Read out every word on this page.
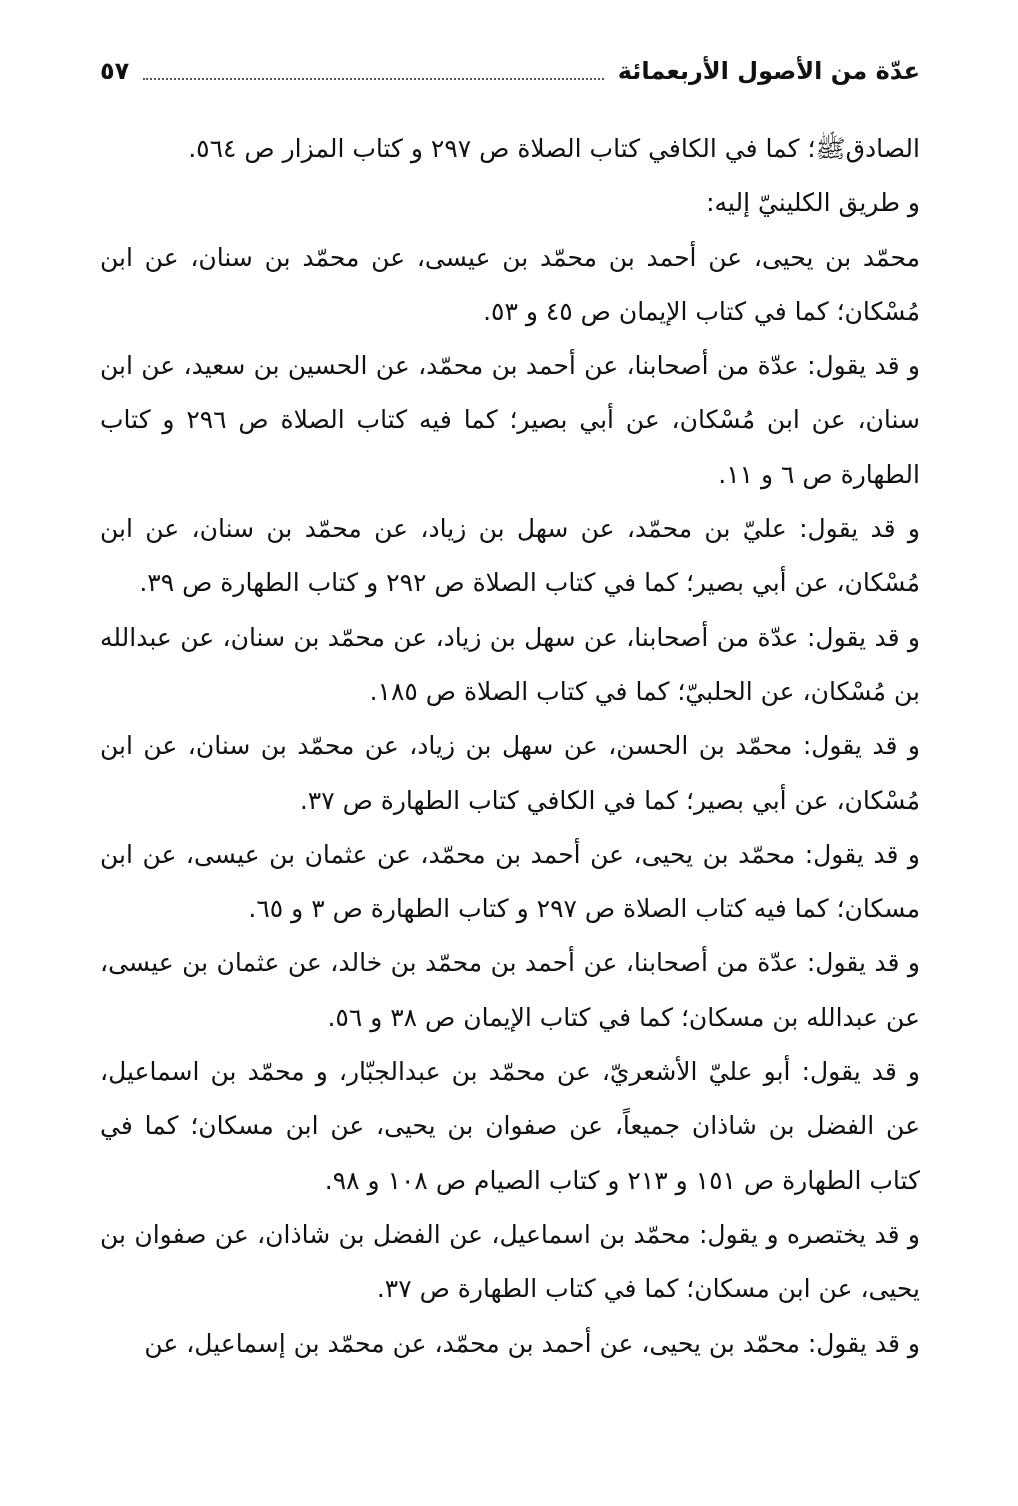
عدّة من الأصول الأربعمائة
٥٧

الصادقﷺ؛ كما في الكافي كتاب الصلاة ص ٢٩٧ و كتاب المزار ص ٥٦٤.

و طريق الكلينيّ إليه:

محمّد بن يحيى، عن أحمد بن محمّد بن عيسى، عن محمّد بن سنان، عن ابن مُسْكان؛ كما في كتاب الإيمان ص ٤٥ و ٥٣.

و قد يقول: عدّة من أصحابنا، عن أحمد بن محمّد، عن الحسين بن سعيد، عن ابن سنان، عن ابن مُسْكان، عن أبي بصير؛ كما فيه كتاب الصلاة ص ٢٩٦ و كتاب الطهارة ص ٦ و ١١.

و قد يقول: عليّ بن محمّد، عن سهل بن زياد، عن محمّد بن سنان، عن ابن مُسْكان، عن أبي بصير؛ كما في كتاب الصلاة ص ٢٩٢ و كتاب الطهارة ص ٣٩.

و قد يقول: عدّة من أصحابنا، عن سهل بن زياد، عن محمّد بن سنان، عن عبدالله بن مُسْكان، عن الحلبيّ؛ كما في كتاب الصلاة ص ١٨٥.

و قد يقول: محمّد بن الحسن، عن سهل بن زياد، عن محمّد بن سنان، عن ابن مُسْكان، عن أبي بصير؛ كما في الكافي كتاب الطهارة ص ٣٧.

و قد يقول: محمّد بن يحيى، عن أحمد بن محمّد، عن عثمان بن عيسى، عن ابن مسكان؛ كما فيه كتاب الصلاة ص ٢٩٧ و كتاب الطهارة ص ٣ و ٦٥.

و قد يقول: عدّة من أصحابنا، عن أحمد بن محمّد بن خالد، عن عثمان بن عيسى، عن عبدالله بن مسكان؛ كما في كتاب الإيمان ص ٣٨ و ٥٦.

و قد يقول: أبو عليّ الأشعريّ، عن محمّد بن عبدالجبّار، و محمّد بن اسماعيل، عن الفضل بن شاذان جميعاً، عن صفوان بن يحيى، عن ابن مسكان؛ كما في كتاب الطهارة ص ١٥١ و ٢١٣ و كتاب الصيام ص ١٠٨ و ٩٨.

و قد يختصره و يقول: محمّد بن اسماعيل، عن الفضل بن شاذان، عن صفوان بن يحيى، عن ابن مسكان؛ كما في كتاب الطهارة ص ٣٧.

و قد يقول: محمّد بن يحيى، عن أحمد بن محمّد، عن محمّد بن إسماعيل، عن
